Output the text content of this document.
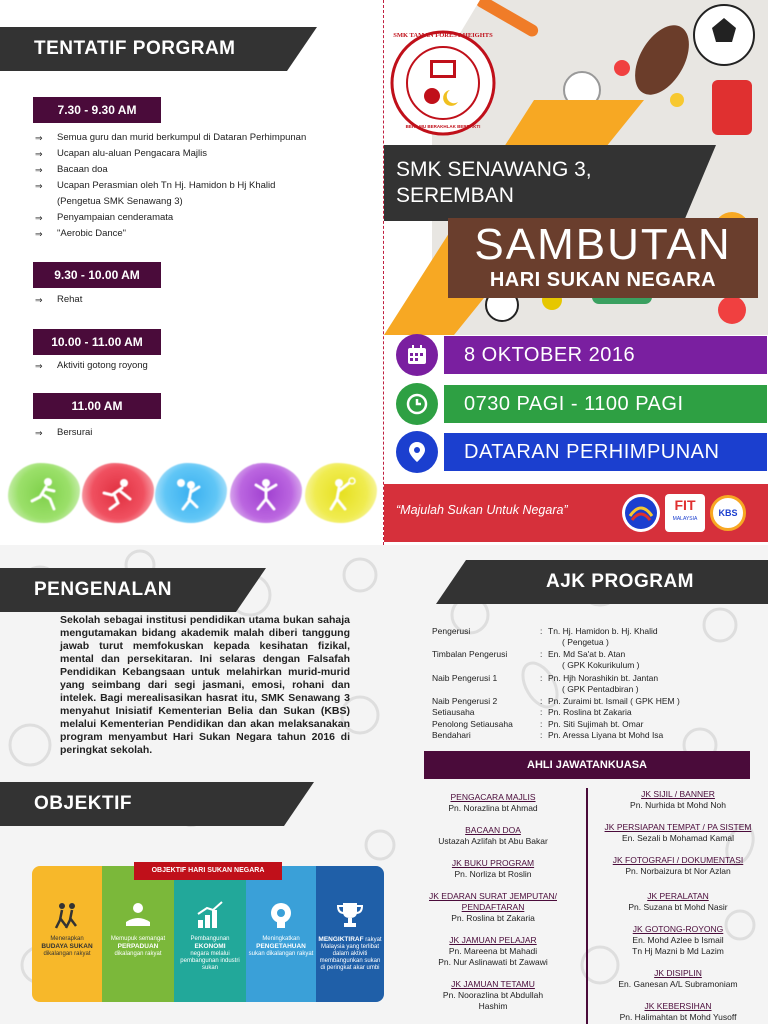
TENTATIF PORGRAM
7.30 - 9.30 AM
⇒ Semua guru dan murid berkumpul di Dataran Perhimpunan
⇒ Ucapan alu-aluan Pengacara Majlis
⇒ Bacaan doa
⇒ Ucapan Perasmian oleh Tn Hj. Hamidon b Hj Khalid
(Pengetua SMK Senawang 3)
⇒ Penyampaian cenderamata
⇒ "Aerobic Dance"
9.30 - 10.00 AM
⇒ Rehat
10.00 - 11.00 AM
⇒ Aktiviti gotong royong
11.00 AM
⇒ Bersurai
SMK TAMAN FOREST HEIGHTS
BERILMU BERAKHLAK BERBAKTI
SMK SENAWANG 3,
SEREMBAN
SAMBUTAN
HARI SUKAN NEGARA
8 OKTOBER 2016
0730 PAGI - 1100 PAGI
DATARAN PERHIMPUNAN
“Majulah Sukan Untuk Negara”	FIT
MALAYSIA
KBS
PENGENALAN
Sekolah sebagai institusi pendidikan utama bukan sahaja mengutamakan bidang akademik malah diberi tanggung jawab turut memfokuskan kepada kesihatan fizikal, mental dan persekitaran. Ini selaras dengan Falsafah Pendidikan Kebangsaan untuk melahirkan murid-murid yang seimbang dari segi jasmani, emosi, rohani dan intelek. Bagi merealisasikan hasrat itu, SMK Senawang 3 menyahut Inisiatif Kementerian Belia dan Sukan (KBS) melalui Kementerian Pendidikan dan akan melaksanakan program menyambut Hari Sukan Negara tahun 2016 di peringkat sekolah.
OBJEKTIF
Menerapkan
BUDAYA SUKAN
dikalangan rakyat
Memupuk semangat
PERPADUAN
dikalangan rakyat
Pembangunan
EKONOMI
negara melalui pembangunan industri sukan
Meningkatkan
PENGETAHUAN
sukan dikalangan rakyat
MENGIKTIRAF rakyat Malaysia yang terlibat dalam aktiviti membangunkan sukan di peringkat akar umbi
OBJEKTIF HARI SUKAN NEGARA
AJK PROGRAM
Pengerusi	: Tn. Hj. Hamidon b. Hj. Khalid
( Pengetua )
Timbalan Pengerusi	: En. Md Sa'at b. Atan
( GPK Kokurikulum )
Naib Pengerusi 1	: Pn. Hjh Norashikin bt. Jantan
( GPK Pentadbiran )
Naib Pengerusi 2	: Pn. Zuraimi bt. Ismail ( GPK HEM )
Setiausaha	: Pn. Roslina bt Zakaria
Penolong Setiausaha	: Pn. Siti Sujimah bt. Omar
Bendahari	: Pn. Aressa Liyana bt Mohd Isa
AHLI JAWATANKUASA
PENGACARA MAJLIS
Pn. Norazlina bt Ahmad
BACAAN DOA
Ustazah Azlifah bt Abu Bakar
JK BUKU PROGRAM
Pn. Norliza bt Roslin
JK EDARAN SURAT JEMPUTAN/ PENDAFTARAN
Pn. Roslina bt Zakaria
JK JAMUAN PELAJAR
Pn. Mareena bt Mahadi
Pn. Nur Aslinawati bt Zawawi
JK JAMUAN TETAMU
Pn. Noorazlina bt Abdullah
Hashim
JK SIJIL / BANNER
Pn. Nurhida bt Mohd Noh
JK PERSIAPAN TEMPAT / PA SISTEM
En. Sezali b Mohamad Kamal
JK FOTOGRAFI / DOKUMENTASI
Pn. Norbaizura bt Nor Azlan
JK PERALATAN
Pn. Suzana bt Mohd Nasir
JK GOTONG-ROYONG
En. Mohd Azlee b Ismail
Tn Hj Mazni b Md Lazim
JK DISIPLIN
En. Ganesan A/L Subramoniam
JK KEBERSIHAN
Pn. Halimahtan bt Mohd Yusoff
